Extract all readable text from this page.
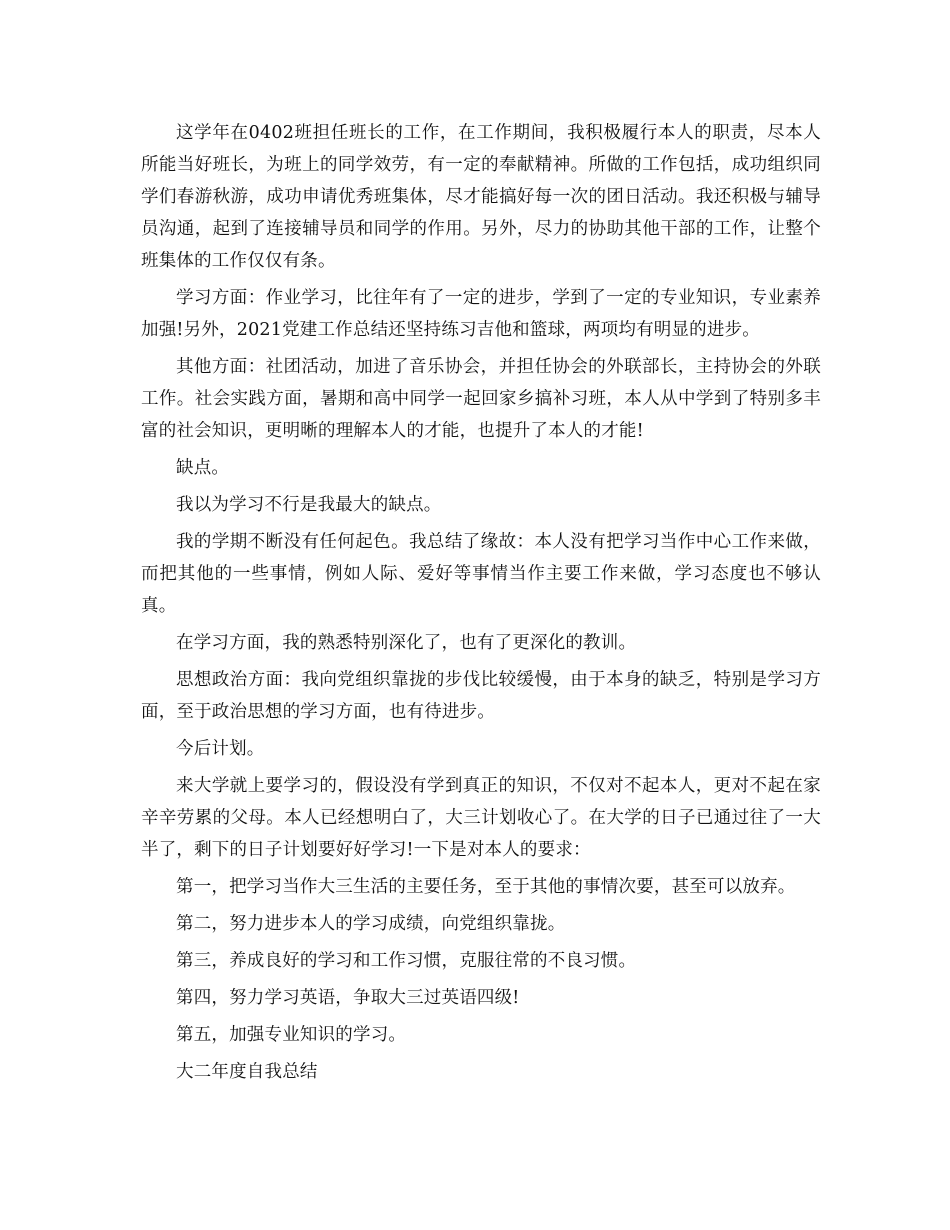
这学年在0402班担任班长的工作，在工作期间，我积极履行本人的职责，尽本人所能当好班长，为班上的同学效劳，有一定的奉献精神。所做的工作包括，成功组织同学们春游秋游，成功申请优秀班集体，尽才能搞好每一次的团日活动。我还积极与辅导员沟通，起到了连接辅导员和同学的作用。另外，尽力的协助其他干部的工作，让整个班集体的工作仅仅有条。

学习方面：作业学习，比往年有了一定的进步，学到了一定的专业知识，专业素养加强!另外，2021党建工作总结还坚持练习吉他和篮球，两项均有明显的进步。

其他方面：社团活动，加进了音乐协会，并担任协会的外联部长，主持协会的外联工作。社会实践方面，暑期和高中同学一起回家乡搞补习班，本人从中学到了特别多丰富的社会知识，更明晰的理解本人的才能，也提升了本人的才能!

缺点。

我以为学习不行是我最大的缺点。

我的学期不断没有任何起色。我总结了缘故：本人没有把学习当作中心工作来做，而把其他的一些事情，例如人际、爱好等事情当作主要工作来做，学习态度也不够认真。

在学习方面，我的熟悉特别深化了，也有了更深化的教训。

思想政治方面：我向党组织靠拢的步伐比较缓慢，由于本身的缺乏，特别是学习方面，至于政治思想的学习方面，也有待进步。

今后计划。

来大学就上要学习的，假设没有学到真正的知识，不仅对不起本人，更对不起在家辛辛劳累的父母。本人已经想明白了，大三计划收心了。在大学的日子已通过往了一大半了，剩下的日子计划要好好学习!一下是对本人的要求：

第一，把学习当作大三生活的主要任务，至于其他的事情次要，甚至可以放弃。

第二，努力进步本人的学习成绩，向党组织靠拢。

第三，养成良好的学习和工作习惯，克服往常的不良习惯。

第四，努力学习英语，争取大三过英语四级!

第五，加强专业知识的学习。

大二年度自我总结
